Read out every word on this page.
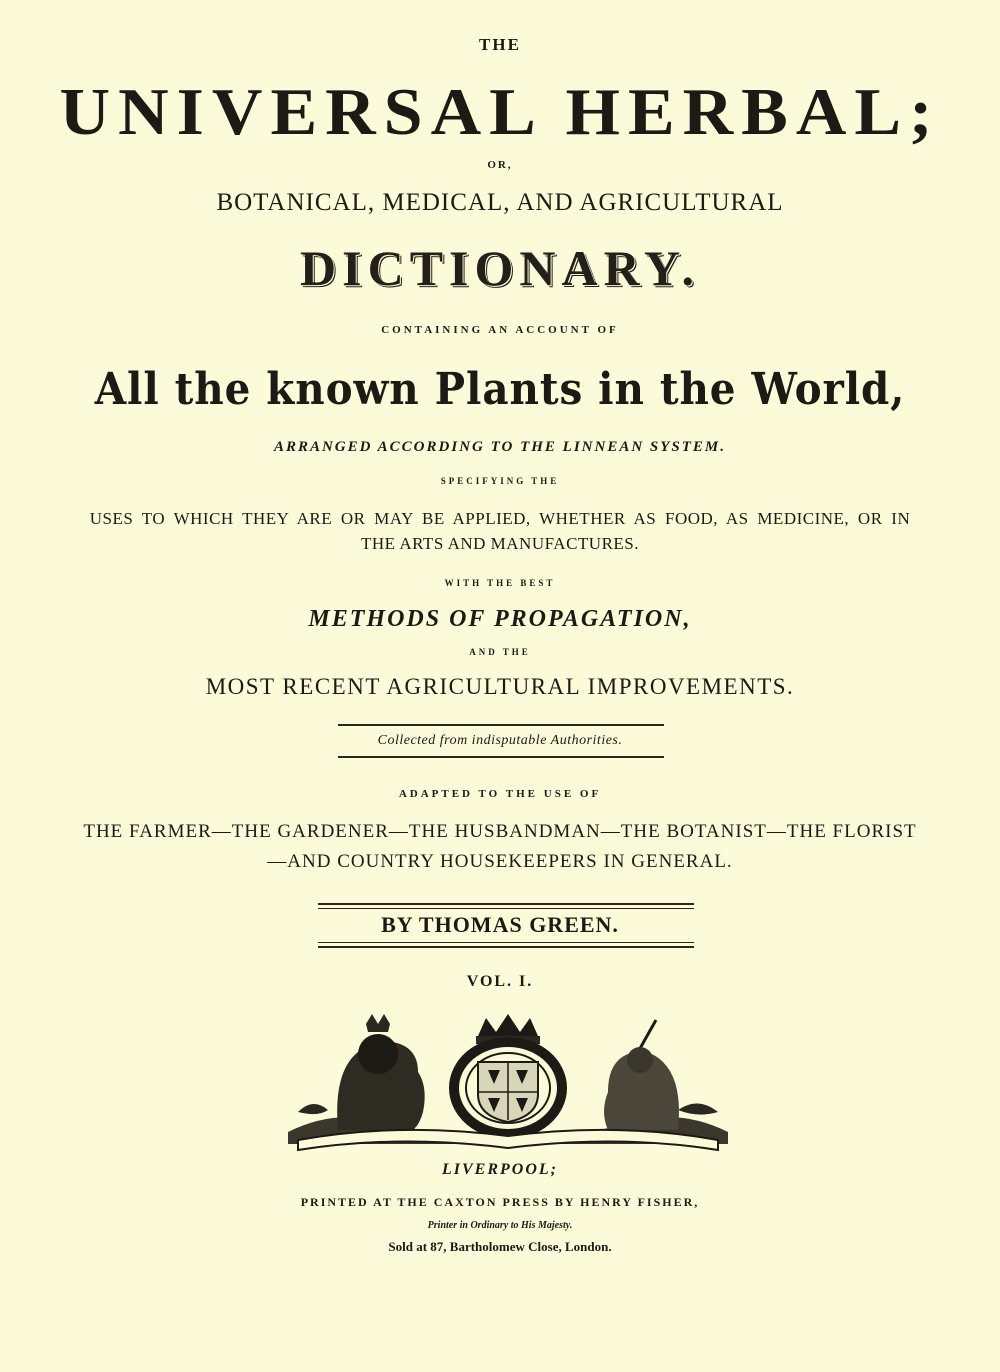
THE
UNIVERSAL HERBAL;
OR,
BOTANICAL, MEDICAL, AND AGRICULTURAL
DICTIONARY.
CONTAINING AN ACCOUNT OF
All the known Plants in the World,
ARRANGED ACCORDING TO THE LINNEAN SYSTEM.
SPECIFYING THE
USES TO WHICH THEY ARE OR MAY BE APPLIED, WHETHER AS FOOD, AS MEDICINE, OR IN
THE ARTS AND MANUFACTURES.
WITH THE BEST
METHODS OF PROPAGATION,
AND THE
MOST RECENT AGRICULTURAL IMPROVEMENTS.
Collected from indisputable Authorities.
ADAPTED TO THE USE OF
THE FARMER—THE GARDENER—THE HUSBANDMAN—THE BOTANIST—THE FLORIST
—AND COUNTRY HOUSEKEEPERS IN GENERAL.
BY THOMAS GREEN.
VOL. I.
LIVERPOOL;
PRINTED AT THE CAXTON PRESS BY HENRY FISHER,
Printer in Ordinary to His Majesty.
Sold at 87, Bartholomew Close, London.
